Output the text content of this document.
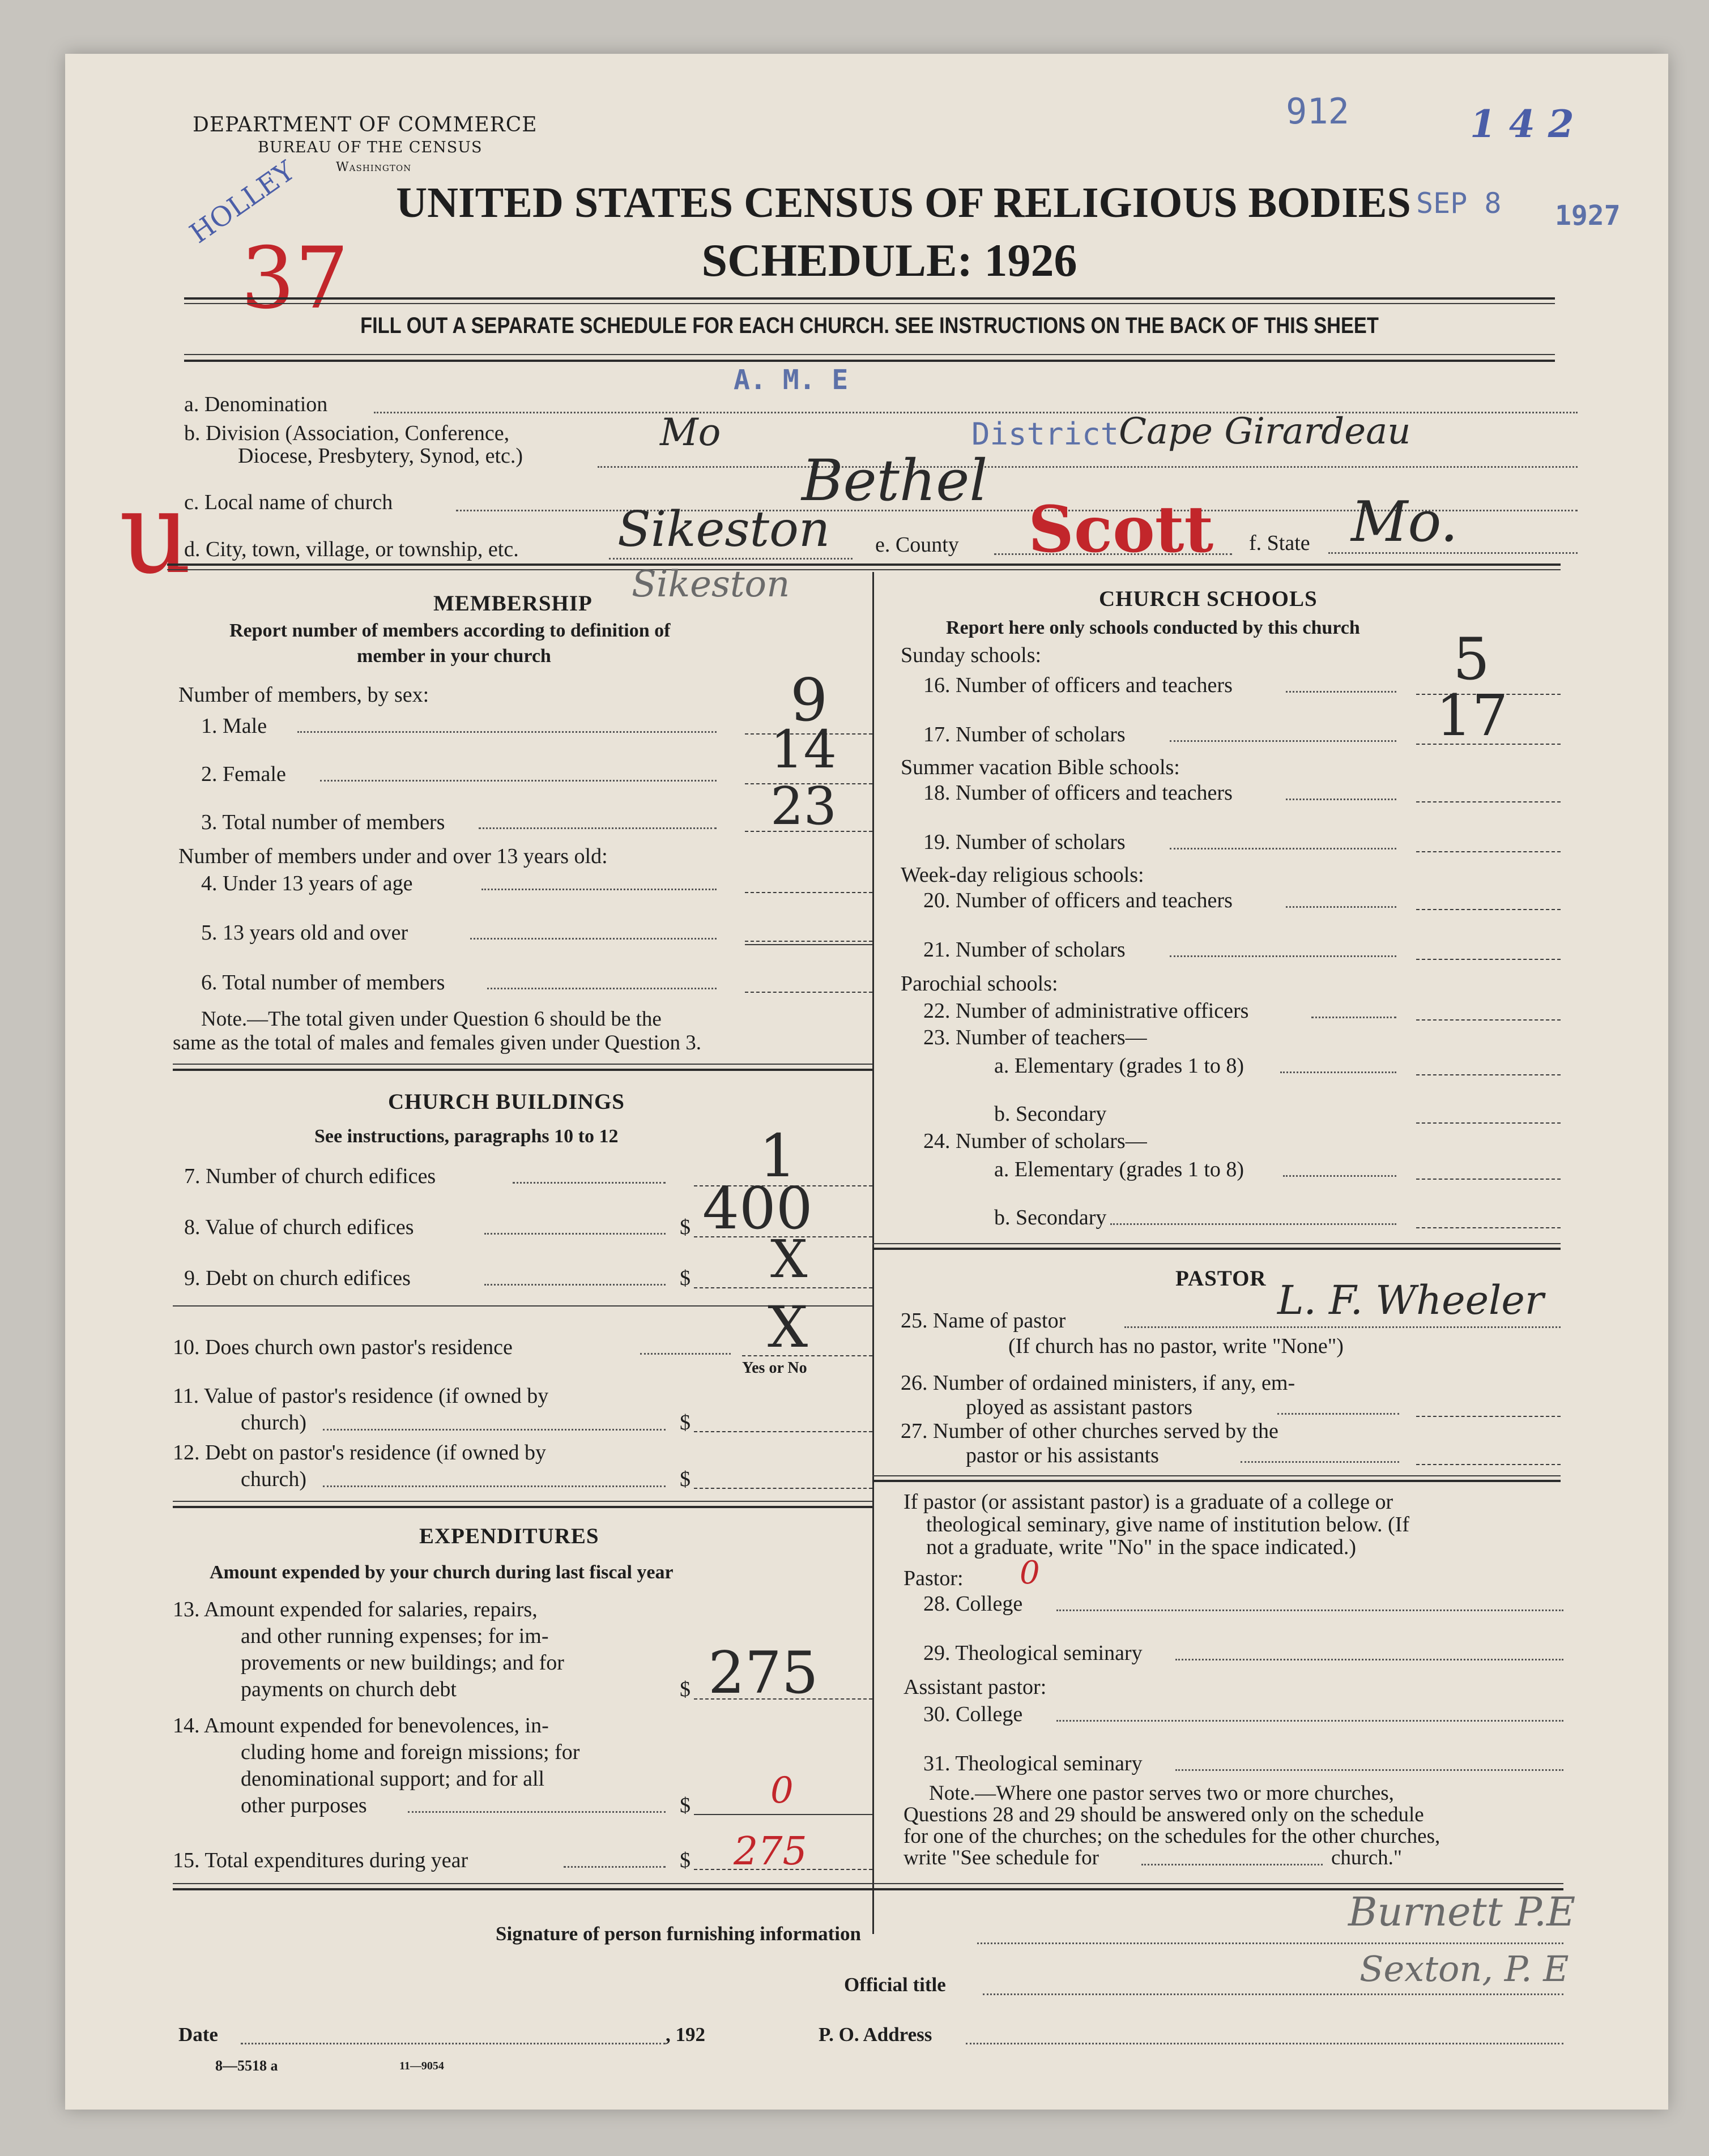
DEPARTMENT OF COMMERCE
BUREAU OF THE CENSUS
Washington
912	1 4 2
SEP 8 1927
HOLLEY
37
UNITED STATES CENSUS OF RELIGIOUS BODIES
SCHEDULE: 1926
FILL OUT A SEPARATE SCHEDULE FOR EACH CHURCH. SEE INSTRUCTIONS ON THE BACK OF THIS SHEET
A. M. E
a. Denomination
b. Division (Association, Conference,
Diocese, Presbytery, Synod, etc.)
Mo	District Cape Girardeau
u	Bethel
c. Local name of church
d. City, town, village, or township, etc. Sikeston e. County Scott f. State Mo.
MEMBERSHIP Sikeston
Report number of members according to definition of
member in your church
Number of members, by sex:
1. Male	9
2. Female	14
3. Total number of members	23
Number of members under and over 13 years old:
4. Under 13 years of age
5. 13 years old and over
6. Total number of members
Note.—The total given under Question 6 should be the
same as the total of males and females given under Question 3.
CHURCH BUILDINGS
See instructions, paragraphs 10 to 12
7. Number of church edifices	1
8. Value of church edifices	$ 400
9. Debt on church edifices	$ X
10. Does church own pastor's residence	X
Yes or No
11. Value of pastor's residence (if owned by
church)	$
12. Debt on pastor's residence (if owned by
church)	$
EXPENDITURES
Amount expended by your church during last fiscal year
13. Amount expended for salaries, repairs,
and other running expenses; for im-
provements or new buildings; and for
payments on church debt	$ 275
14. Amount expended for benevolences, in-
cluding home and foreign missions; for
denominational support; and for all
other purposes	$ 0
15. Total expenditures during year	$ 275
CHURCH SCHOOLS
Report here only schools conducted by this church
Sunday schools:
16. Number of officers and teachers	5
17. Number of scholars	17
Summer vacation Bible schools:
18. Number of officers and teachers
19. Number of scholars
Week-day religious schools:
20. Number of officers and teachers
21. Number of scholars
Parochial schools:
22. Number of administrative officers
23. Number of teachers—
a. Elementary (grades 1 to 8)
b. Secondary
24. Number of scholars—
a. Elementary (grades 1 to 8)
b. Secondary
PASTOR
25. Name of pastor	L. F. Wheeler
(If church has no pastor, write "None")
26. Number of ordained ministers, if any, em-
ployed as assistant pastors
27. Number of other churches served by the
pastor or his assistants
If pastor (or assistant pastor) is a graduate of a college or
theological seminary, give name of institution below. (If
not a graduate, write "No" in the space indicated.)
Pastor: 0
28. College
29. Theological seminary
Assistant pastor:
30. College
31. Theological seminary
Note.—Where one pastor serves two or more churches,
Questions 28 and 29 should be answered only on the schedule
for one of the churches; on the schedules for the other churches,
write "See schedule for	church."
Signature of person furnishing information	Burnett P.E
Official title	Sexton, P. E
Date	, 192	P. O. Address
8—5518 a	11—9054
